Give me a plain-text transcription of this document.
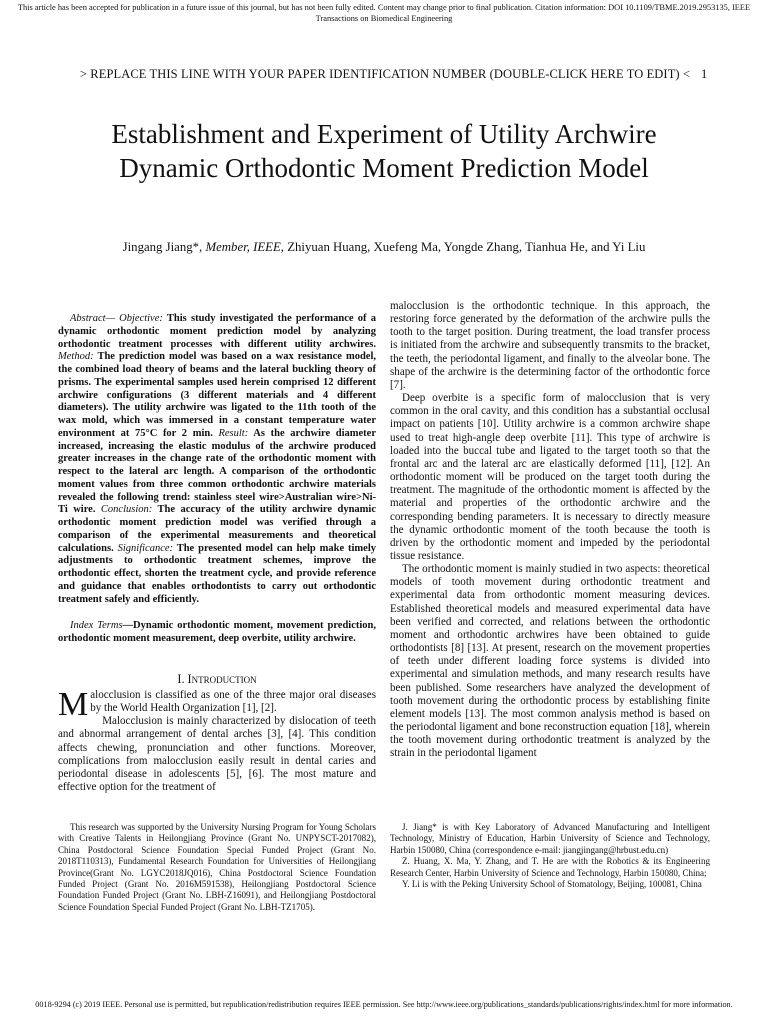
This article has been accepted for publication in a future issue of this journal, but has not been fully edited. Content may change prior to final publication. Citation information: DOI 10.1109/TBME.2019.2953135, IEEE
Transactions on Biomedical Engineering
> REPLACE THIS LINE WITH YOUR PAPER IDENTIFICATION NUMBER (DOUBLE-CLICK HERE TO EDIT) < 1
Establishment and Experiment of Utility Archwire Dynamic Orthodontic Moment Prediction Model
Jingang Jiang*, Member, IEEE, Zhiyuan Huang, Xuefeng Ma, Yongde Zhang, Tianhua He, and Yi Liu
Abstract— Objective: This study investigated the performance of a dynamic orthodontic moment prediction model by analyzing orthodontic treatment processes with different utility archwires. Method: The prediction model was based on a wax resistance model, the combined load theory of beams and the lateral buckling theory of prisms. The experimental samples used herein comprised 12 different archwire configurations (3 different materials and 4 different diameters). The utility archwire was ligated to the 11th tooth of the wax mold, which was immersed in a constant temperature water environment at 75°C for 2 min. Result: As the archwire diameter increased, increasing the elastic modulus of the archwire produced greater increases in the change rate of the orthodontic moment with respect to the lateral arc length. A comparison of the orthodontic moment values from three common orthodontic archwire materials revealed the following trend: stainless steel wire>Australian wire>Ni-Ti wire. Conclusion: The accuracy of the utility archwire dynamic orthodontic moment prediction model was verified through a comparison of the experimental measurements and theoretical calculations. Significance: The presented model can help make timely adjustments to orthodontic treatment schemes, improve the orthodontic effect, shorten the treatment cycle, and provide reference and guidance that enables orthodontists to carry out orthodontic treatment safely and efficiently.
Index Terms—Dynamic orthodontic moment, movement prediction, orthodontic moment measurement, deep overbite, utility archwire.
I. Introduction

Malocclusion is classified as one of the three major oral diseases by the World Health Organization [1], [2].

Malocclusion is mainly characterized by dislocation of teeth and abnormal arrangement of dental arches [3], [4]. This condition affects chewing, pronunciation and other functions. Moreover, complications from malocclusion easily result in dental caries and periodontal disease in adolescents [5], [6]. The most mature and effective option for the treatment of

malocclusion is the orthodontic technique. In this approach, the restoring force generated by the deformation of the archwire pulls the tooth to the target position. During treatment, the load transfer process is initiated from the archwire and subsequently transmits to the bracket, the teeth, the periodontal ligament, and finally to the alveolar bone. The shape of the archwire is the determining factor of the orthodontic force [7].

Deep overbite is a specific form of malocclusion that is very common in the oral cavity, and this condition has a substantial occlusal impact on patients [10]. Utility archwire is a common archwire shape used to treat high-angle deep overbite [11]. This type of archwire is loaded into the buccal tube and ligated to the target tooth so that the frontal arc and the lateral arc are elastically deformed [11], [12]. An orthodontic moment will be produced on the target tooth during the treatment. The magnitude of the orthodontic moment is affected by the material and properties of the orthodontic archwire and the corresponding bending parameters. It is necessary to directly measure the dynamic orthodontic moment of the tooth because the tooth is driven by the orthodontic moment and impeded by the periodontal tissue resistance.

The orthodontic moment is mainly studied in two aspects: theoretical models of tooth movement during orthodontic treatment and experimental data from orthodontic moment measuring devices. Established theoretical models and measured experimental data have been verified and corrected, and relations between the orthodontic moment and orthodontic archwires have been obtained to guide orthodontists [8] [13]. At present, research on the movement properties of teeth under different loading force systems is divided into experimental and simulation methods, and many research results have been published. Some researchers have analyzed the development of tooth movement during the orthodontic process by establishing finite element models [13]. The most common analysis method is based on the periodontal ligament and bone reconstruction equation [18], wherein the tooth movement during orthodontic treatment is analyzed by the strain in the periodontal ligament

This research was supported by the University Nursing Program for Young Scholars with Creative Talents in Heilongjiang Province (Grant No. UNPYSCT-2017082), China Postdoctoral Science Foundation Special Funded Project (Grant No. 2018T110313), Fundamental Research Foundation for Universities of Heilongjiang Province(Grant No. LGYC2018JQ016), China Postdoctoral Science Foundation Funded Project (Grant No. 2016M591538), Heilongjiang Postdoctoral Science Foundation Funded Project (Grant No. LBH-Z16091), and Heilongjiang Postdoctoral Science Foundation Special Funded Project (Grant No. LBH-TZ1705).

J. Jiang* is with Key Laboratory of Advanced Manufacturing and Intelligent Technology, Ministry of Education, Harbin University of Science and Technology, Harbin 150080, China (correspondence e-mail: jiangjingang@hrbust.edu.cn)

Z. Huang, X. Ma, Y. Zhang, and T. He are with the Robotics & its Engineering Research Center, Harbin University of Science and Technology, Harbin 150080, China;

Y. Li is with the Peking University School of Stomatology, Beijing, 100081, China

0018-9294 (c) 2019 IEEE. Personal use is permitted, but republication/redistribution requires IEEE permission. See http://www.ieee.org/publications_standards/publications/rights/index.html for more information.
